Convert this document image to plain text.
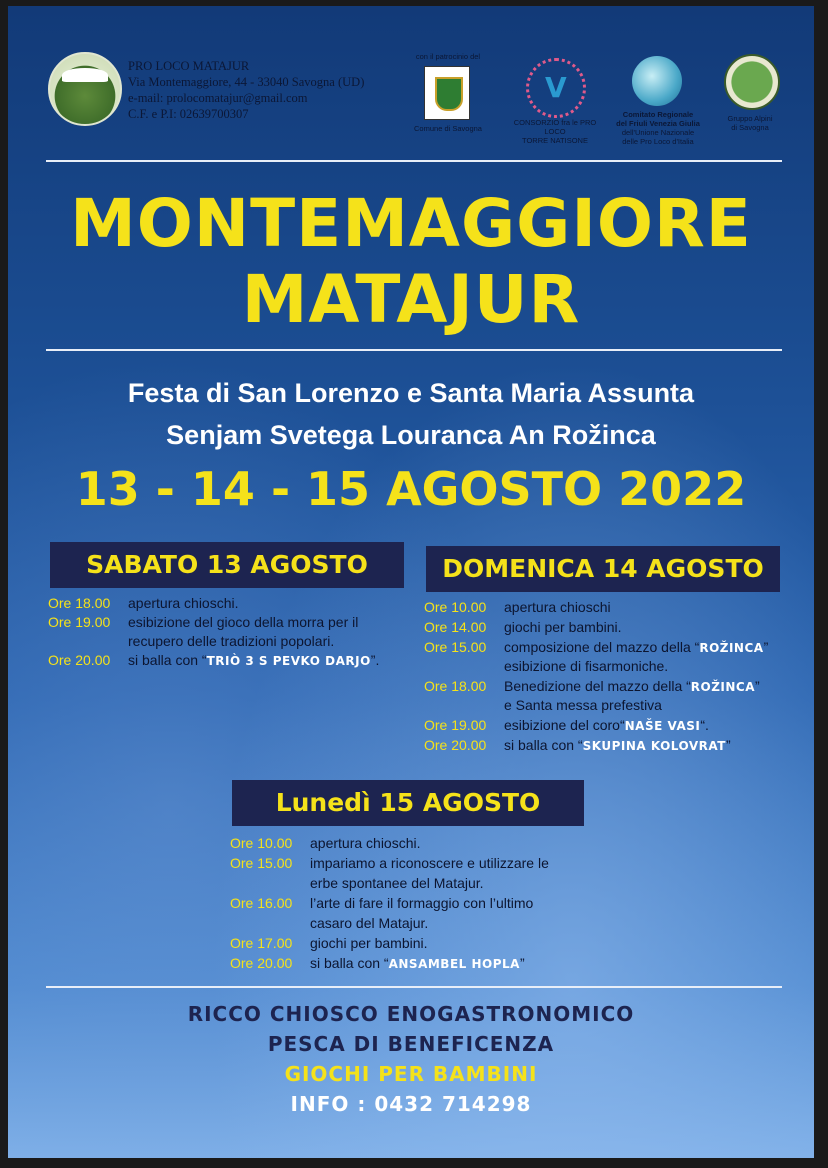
PRO LOCO MATAJUR
Via Montemaggiore, 44 - 33040 Savogna (UD)
e-mail: prolocomatajur@gmail.com
C.F. e P.I: 02639700307
con il patrocinio del
Comune di Savogna
V
CONSORZIO fra le PRO LOCO
TORRE NATISONE
Comitato Regionale
del Friuli Venezia Giulia
dell'Unione Nazionale
delle Pro Loco d'Italia
Gruppo Alpini
di Savogna
MONTEMAGGIORE
MATAJUR
Festa di San Lorenzo e Santa Maria Assunta
Senjam Svetega Louranca An Rožinca
13 - 14 - 15 AGOSTO 2022
SABATO 13 AGOSTO
Ore 18.00 apertura chioschi.
Ore 19.00 esibizione del gioco della morra per il
recupero delle tradizioni popolari.
Ore 20.00 si balla con “TRIÒ 3 S PEVKO DARJO”.
DOMENICA 14 AGOSTO
Ore 10.00 apertura chioschi
Ore 14.00 giochi per bambini.
Ore 15.00 composizione del mazzo della “ROŽINCA”
esibizione di fisarmoniche.
Ore 18.00 Benedizione del mazzo della “ROŽINCA”
e Santa messa prefestiva
Ore 19.00 esibizione del coro“NAŠE VASI“.
Ore 20.00 si balla con “SKUPINA KOLOVRAT”
Lunedì 15 AGOSTO
Ore 10.00 apertura chioschi.
Ore 15.00 impariamo a riconoscere e utilizzare le
erbe spontanee del Matajur.
Ore 16.00 l’arte di fare il formaggio con l’ultimo
casaro del Matajur.
Ore 17.00 giochi per bambini.
Ore 20.00 si balla con “ANSAMBEL HOPLA”
RICCO CHIOSCO ENOGASTRONOMICO
PESCA DI BENEFICENZA
GIOCHI PER BAMBINI
INFO : 0432 714298
